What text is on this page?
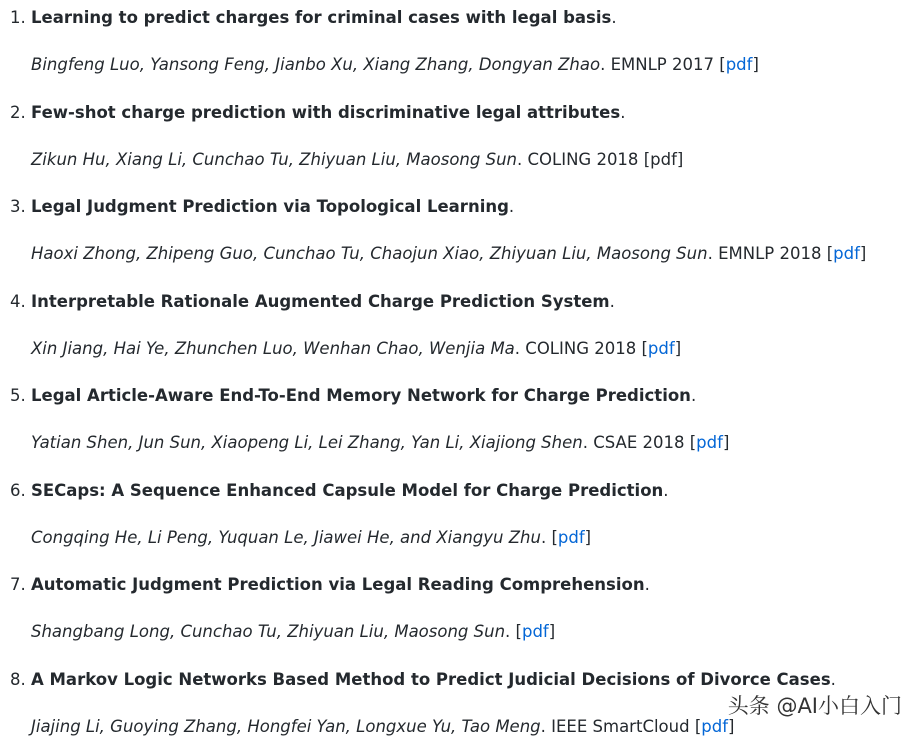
1. Learning to predict charges for criminal cases with legal basis.
Bingfeng Luo, Yansong Feng, Jianbo Xu, Xiang Zhang, Dongyan Zhao. EMNLP 2017 [pdf]
2. Few-shot charge prediction with discriminative legal attributes.
Zikun Hu, Xiang Li, Cunchao Tu, Zhiyuan Liu, Maosong Sun. COLING 2018 [pdf]
3. Legal Judgment Prediction via Topological Learning.
Haoxi Zhong, Zhipeng Guo, Cunchao Tu, Chaojun Xiao, Zhiyuan Liu, Maosong Sun. EMNLP 2018 [pdf]
4. Interpretable Rationale Augmented Charge Prediction System.
Xin Jiang, Hai Ye, Zhunchen Luo, Wenhan Chao, Wenjia Ma. COLING 2018 [pdf]
5. Legal Article-Aware End-To-End Memory Network for Charge Prediction.
Yatian Shen, Jun Sun, Xiaopeng Li, Lei Zhang, Yan Li, Xiajiong Shen. CSAE 2018 [pdf]
6. SECaps: A Sequence Enhanced Capsule Model for Charge Prediction.
Congqing He, Li Peng, Yuquan Le, Jiawei He, and Xiangyu Zhu. [pdf]
7. Automatic Judgment Prediction via Legal Reading Comprehension.
Shangbang Long, Cunchao Tu, Zhiyuan Liu, Maosong Sun. [pdf]
8. A Markov Logic Networks Based Method to Predict Judicial Decisions of Divorce Cases.
Jiajing Li, Guoying Zhang, Hongfei Yan, Longxue Yu, Tao Meng. IEEE SmartCloud [pdf]
头条 @AI小白入门
